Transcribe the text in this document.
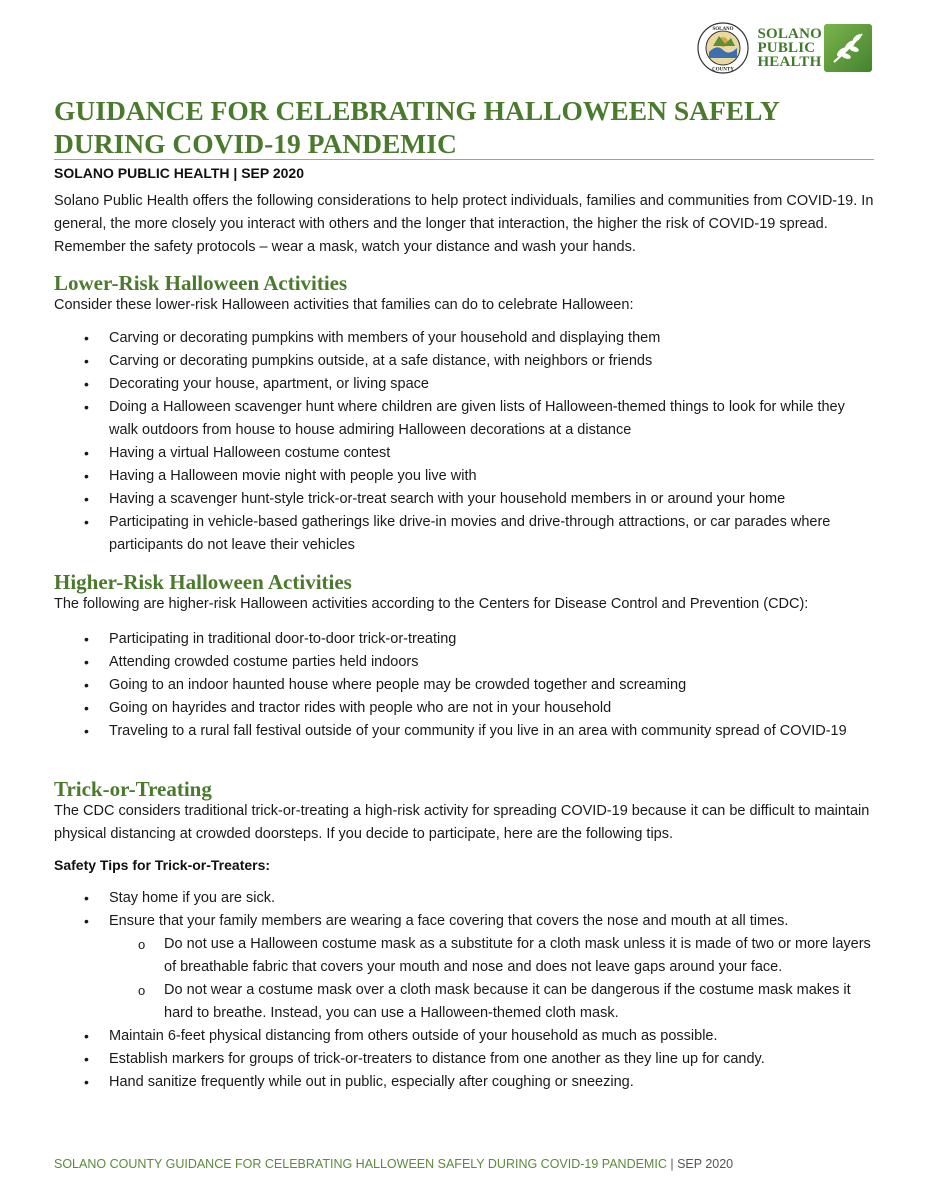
SOLANO
COUNTY
SOLANO
PUBLIC
HEALTH
GUIDANCE FOR CELEBRATING HALLOWEEN SAFELY
DURING COVID-19 PANDEMIC
SOLANO PUBLIC HEALTH | SEP 2020

Solano Public Health offers the following considerations to help protect individuals, families and communities from COVID-19. In general, the more closely you interact with others and the longer that interaction, the higher the risk of COVID-19 spread. Remember the safety protocols – wear a mask, watch your distance and wash your hands.

Lower-Risk Halloween Activities

Consider these lower-risk Halloween activities that families can do to celebrate Halloween:

• Carving or decorating pumpkins with members of your household and displaying them
• Carving or decorating pumpkins outside, at a safe distance, with neighbors or friends
• Decorating your house, apartment, or living space
• Doing a Halloween scavenger hunt where children are given lists of Halloween-themed things to look for while they walk outdoors from house to house admiring Halloween decorations at a distance
• Having a virtual Halloween costume contest
• Having a Halloween movie night with people you live with
• Having a scavenger hunt-style trick-or-treat search with your household members in or around your home
• Participating in vehicle-based gatherings like drive-in movies and drive-through attractions, or car parades where participants do not leave their vehicles
Higher-Risk Halloween Activities

The following are higher-risk Halloween activities according to the Centers for Disease Control and Prevention (CDC):

• Participating in traditional door-to-door trick-or-treating
• Attending crowded costume parties held indoors
• Going to an indoor haunted house where people may be crowded together and screaming
• Going on hayrides and tractor rides with people who are not in your household
• Traveling to a rural fall festival outside of your community if you live in an area with community spread of COVID-19
Trick-or-Treating

The CDC considers traditional trick-or-treating a high-risk activity for spreading COVID-19 because it can be difficult to maintain physical distancing at crowded doorsteps. If you decide to participate, here are the following tips.

Safety Tips for Trick-or-Treaters:
• Stay home if you are sick.
• Ensure that your family members are wearing a face covering that covers the nose and mouth at all times.
o Do not use a Halloween costume mask as a substitute for a cloth mask unless it is made of two or more layers of breathable fabric that covers your mouth and nose and does not leave gaps around your face.
o Do not wear a costume mask over a cloth mask because it can be dangerous if the costume mask makes it hard to breathe. Instead, you can use a Halloween-themed cloth mask.
• Maintain 6-feet physical distancing from others outside of your household as much as possible.
• Establish markers for groups of trick-or-treaters to distance from one another as they line up for candy.
• Hand sanitize frequently while out in public, especially after coughing or sneezing.
SOLANO COUNTY GUIDANCE FOR CELEBRATING HALLOWEEN SAFELY DURING COVID-19 PANDEMIC | SEP 2020
